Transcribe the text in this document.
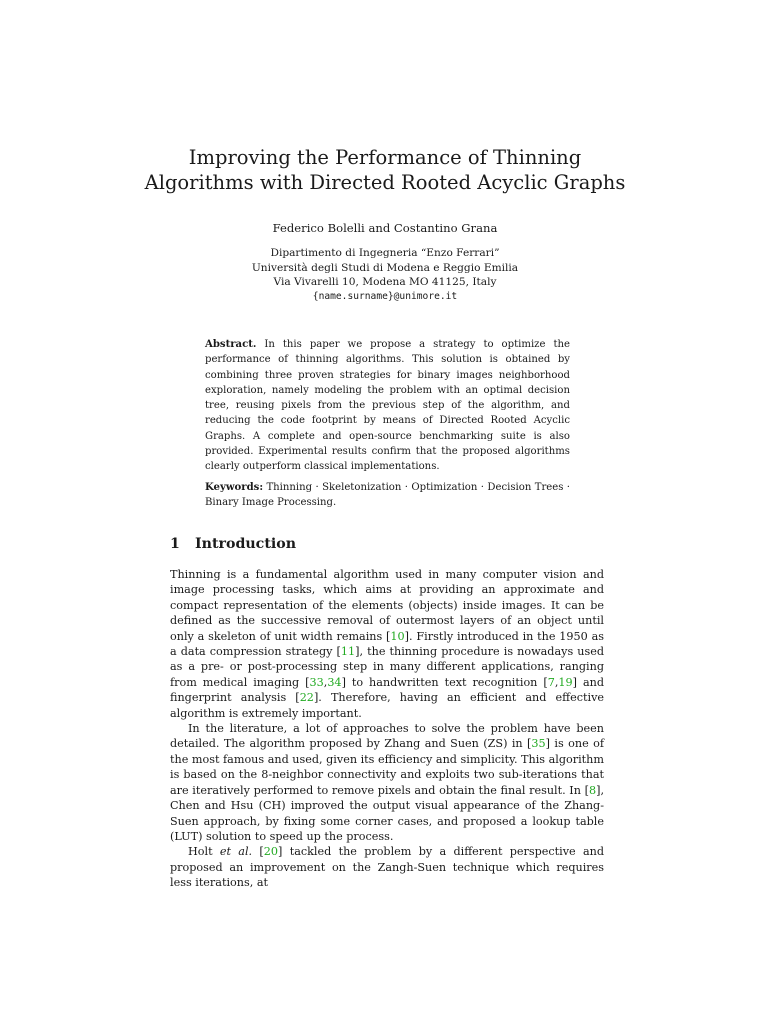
Improving the Performance of Thinning
Algorithms with Directed Rooted Acyclic Graphs
Federico Bolelli and Costantino Grana
Dipartimento di Ingegneria “Enzo Ferrari”
Università degli Studi di Modena e Reggio Emilia
Via Vivarelli 10, Modena MO 41125, Italy
{name.surname}@unimore.it
Abstract. In this paper we propose a strategy to optimize the performance of thinning algorithms. This solution is obtained by combining three proven strategies for binary images neighborhood exploration, namely modeling the problem with an optimal decision tree, reusing pixels from the previous step of the algorithm, and reducing the code footprint by means of Directed Rooted Acyclic Graphs. A complete and open-source benchmarking suite is also provided. Experimental results confirm that the proposed algorithms clearly outperform classical implementations.
Keywords: Thinning · Skeletonization · Optimization · Decision Trees · Binary Image Processing.
1 Introduction

Thinning is a fundamental algorithm used in many computer vision and image processing tasks, which aims at providing an approximate and compact representation of the elements (objects) inside images. It can be defined as the successive removal of outermost layers of an object until only a skeleton of unit width remains [10]. Firstly introduced in the 1950 as a data compression strategy [11], the thinning procedure is nowadays used as a pre- or post-processing step in many different applications, ranging from medical imaging [33,34] to handwritten text recognition [7,19] and fingerprint analysis [22]. Therefore, having an efficient and effective algorithm is extremely important.

In the literature, a lot of approaches to solve the problem have been detailed. The algorithm proposed by Zhang and Suen (ZS) in [35] is one of the most famous and used, given its efficiency and simplicity. This algorithm is based on the 8-neighbor connectivity and exploits two sub-iterations that are iteratively performed to remove pixels and obtain the final result. In [8], Chen and Hsu (CH) improved the output visual appearance of the Zhang-Suen approach, by fixing some corner cases, and proposed a lookup table (LUT) solution to speed up the process.

Holt et al. [20] tackled the problem by a different perspective and proposed an improvement on the Zangh-Suen technique which requires less iterations, at
